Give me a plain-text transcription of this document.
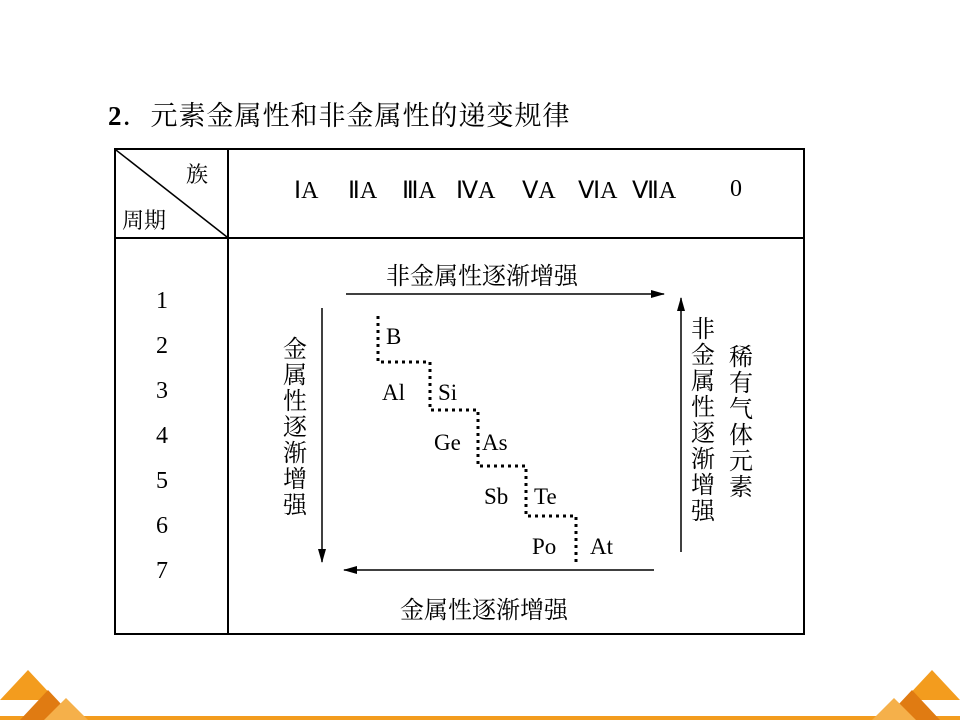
2．元素金属性和非金属性的递变规律
族
周期
ⅠA ⅡA ⅢA ⅣA ⅤA ⅥA ⅦA 0
1
2
3
4
5
6
7
非金属性逐渐增强
金属性逐渐增强
金属性逐渐增强
非金属性逐渐增强
稀有气体元素
B
Al Si
Ge As
Sb Te
Po At
